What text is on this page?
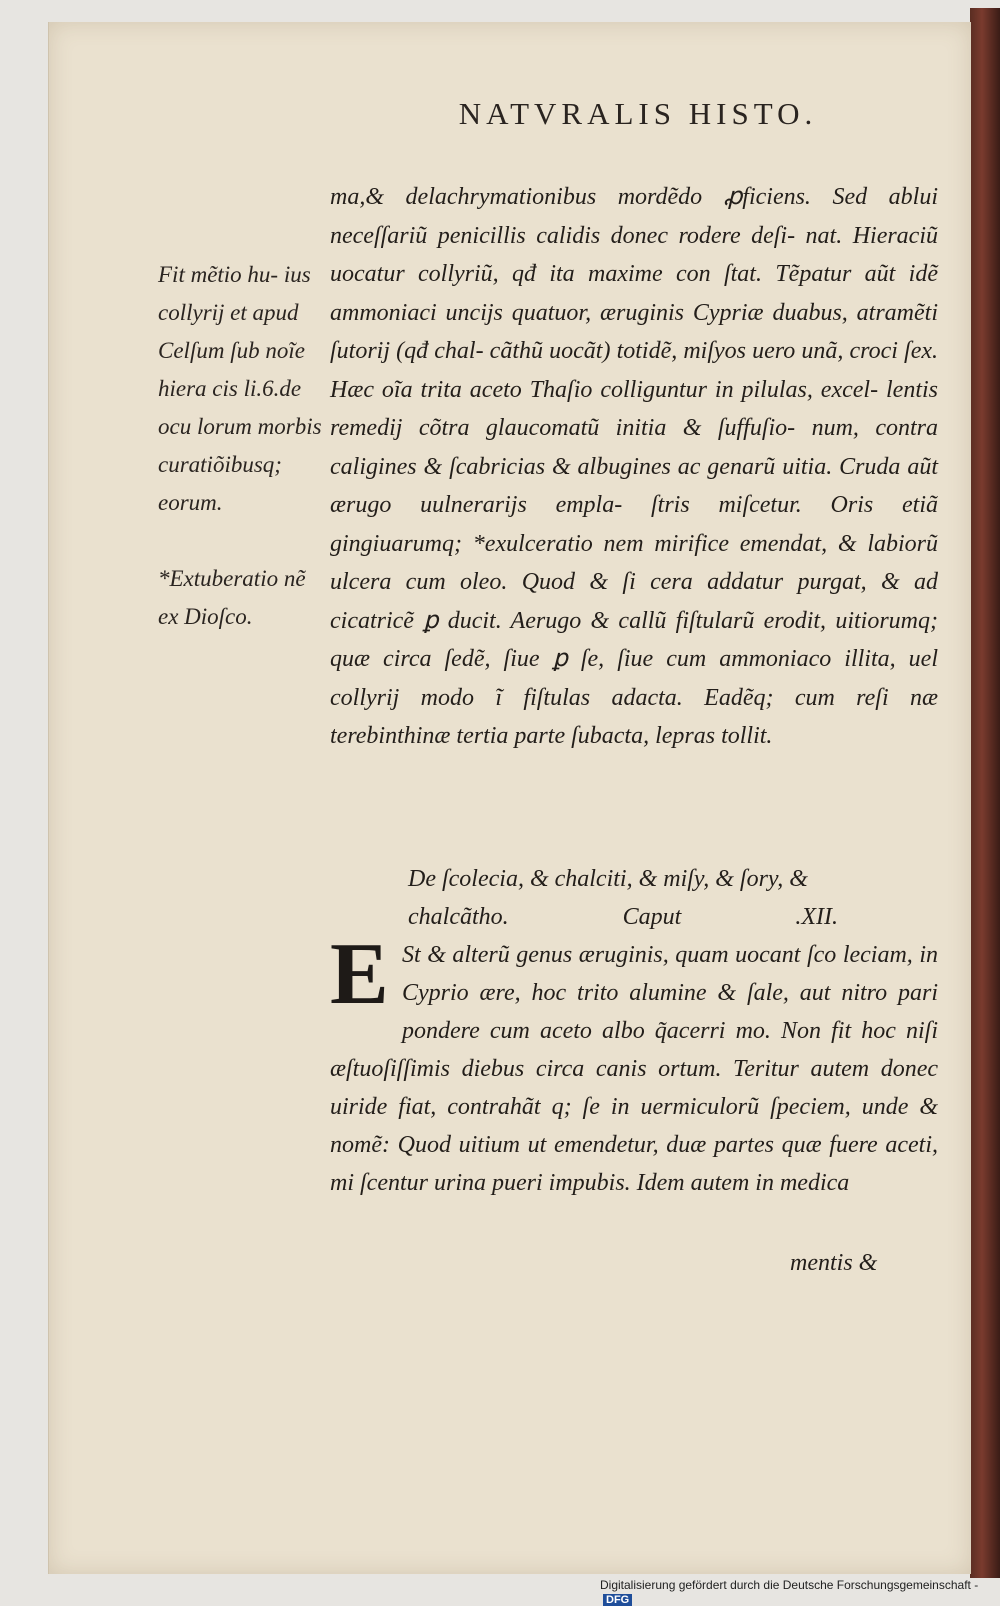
NATVRALIS HISTO.

Fit mẽtio hu- ius collyrij et apud Celſum ſub noĩe hiera cis li.6.de ocu lorum morbis curatiõibusq; eorum.

*Extuberatio nẽ ex Dioſco.

ma,& delachrymationibus mordẽdo ꝓficiens. Sed ablui neceſſariũ penicillis calidis donec rodere deſi- nat. Hieraciũ uocatur collyriũ, qđ ita maxime con ſtat. Tẽpatur aũt idẽ ammoniaci uncijs quatuor, æruginis Cypriæ duabus, atramẽti ſutorij (qđ chal- cãthũ uocãt) totidẽ, miſyos uero unã, croci ſex. Hæc oĩa trita aceto Thaſio colliguntur in pilulas, excel- lentis remedij cõtra glaucomatũ initia & ſuffuſio- num, contra caligines & ſcabricias & albugines ac genarũ uitia. Cruda aũt ærugo uulnerarijs empla- ſtris miſcetur. Oris etiã gingiuarumq; *exulceratio nem mirifice emendat, & labiorũ ulcera cum oleo. Quod & ſi cera addatur purgat, & ad cicatricẽ ꝑ ducit. Aerugo & callũ fiſtularũ erodit, uitiorumq; quæ circa ſedẽ, ſiue ꝑ ſe, ſiue cum ammoniaco illita, uel collyrij modo ĩ fiſtulas adacta. Eadẽq; cum reſi næ terebinthinæ tertia parte ſubacta, lepras tollit.
De ſcolecia, & chalciti, & miſy, & ſory, &
chalcãtho.	Caput	.XII.
E St & alterũ genus æruginis, quam uocant ſco leciam, in Cyprio ære, hoc trito alumine & ſale, aut nitro pari pondere cum aceto albo q̃acerri mo. Non fit hoc niſi æſtuoſiſſimis diebus circa canis ortum. Teritur autem donec uiride fiat, contrahãt q; ſe in uermiculorũ ſpeciem, unde & nomẽ: Quod uitium ut emendetur, duæ partes quæ fuere aceti, mi ſcentur urina pueri impubis. Idem autem in medica
mentis &
Digitalisierung gefördert durch die Deutsche Forschungsgemeinschaft - DFG
